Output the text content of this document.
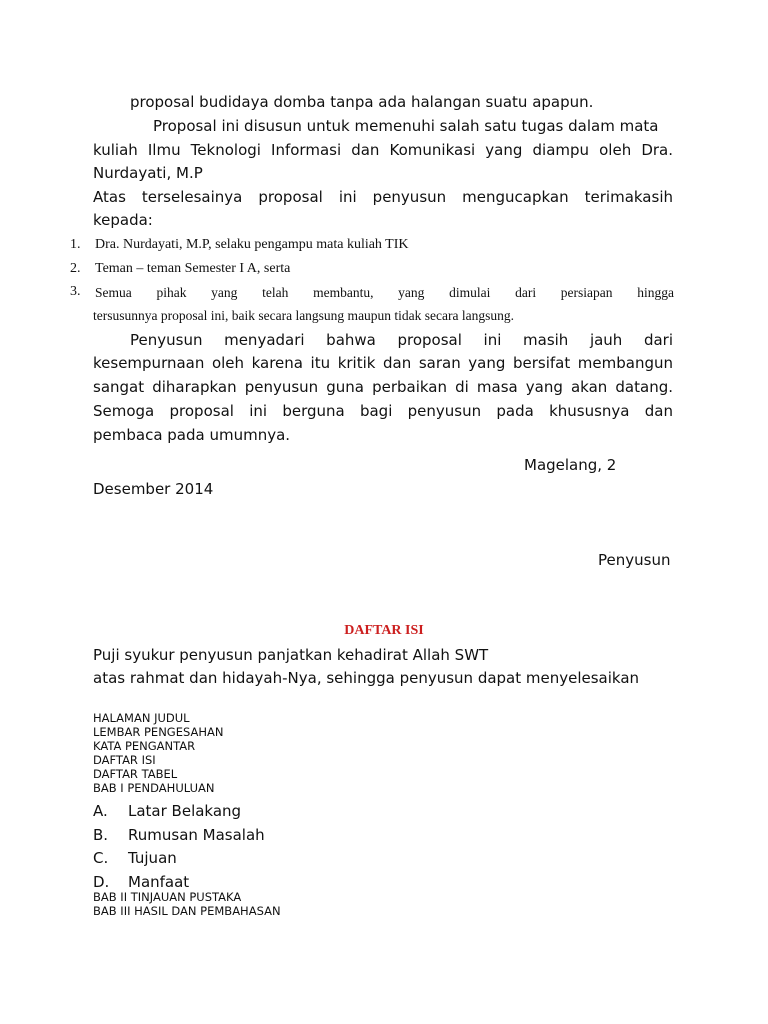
proposal budidaya domba tanpa ada halangan suatu apapun.
Proposal ini disusun untuk memenuhi salah satu tugas dalam mata
kuliah Ilmu Teknologi Informasi dan Komunikasi yang diampu oleh Dra.
Nurdayati, M.P
Atas terselesainya proposal ini penyusun mengucapkan terimakasih
kepada:
1. Dra. Nurdayati, M.P, selaku pengampu mata kuliah TIK
2. Teman – teman Semester I A, serta
3. Semua pihak yang telah membantu, yang dimulai dari persiapan hingga
tersusunnya proposal ini, baik secara langsung maupun tidak secara langsung.
Penyusun menyadari bahwa proposal ini masih jauh dari
kesempurnaan oleh karena itu kritik dan saran yang bersifat membangun
sangat diharapkan penyusun guna perbaikan di masa yang akan datang.
Semoga proposal ini berguna bagi penyusun pada khususnya dan
pembaca pada umumnya.
Magelang, 2
Desember 2014
Penyusun
DAFTAR ISI
Puji syukur penyusun panjatkan kehadirat Allah SWT
atas rahmat dan hidayah-Nya, sehingga penyusun dapat menyelesaikan
HALAMAN JUDUL
LEMBAR PENGESAHAN
KATA PENGANTAR
DAFTAR ISI
DAFTAR TABEL
BAB I PENDAHULUAN
A. Latar Belakang
B. Rumusan Masalah
C. Tujuan
D. Manfaat
BAB II TINJAUAN PUSTAKA
BAB III HASIL DAN PEMBAHASAN
